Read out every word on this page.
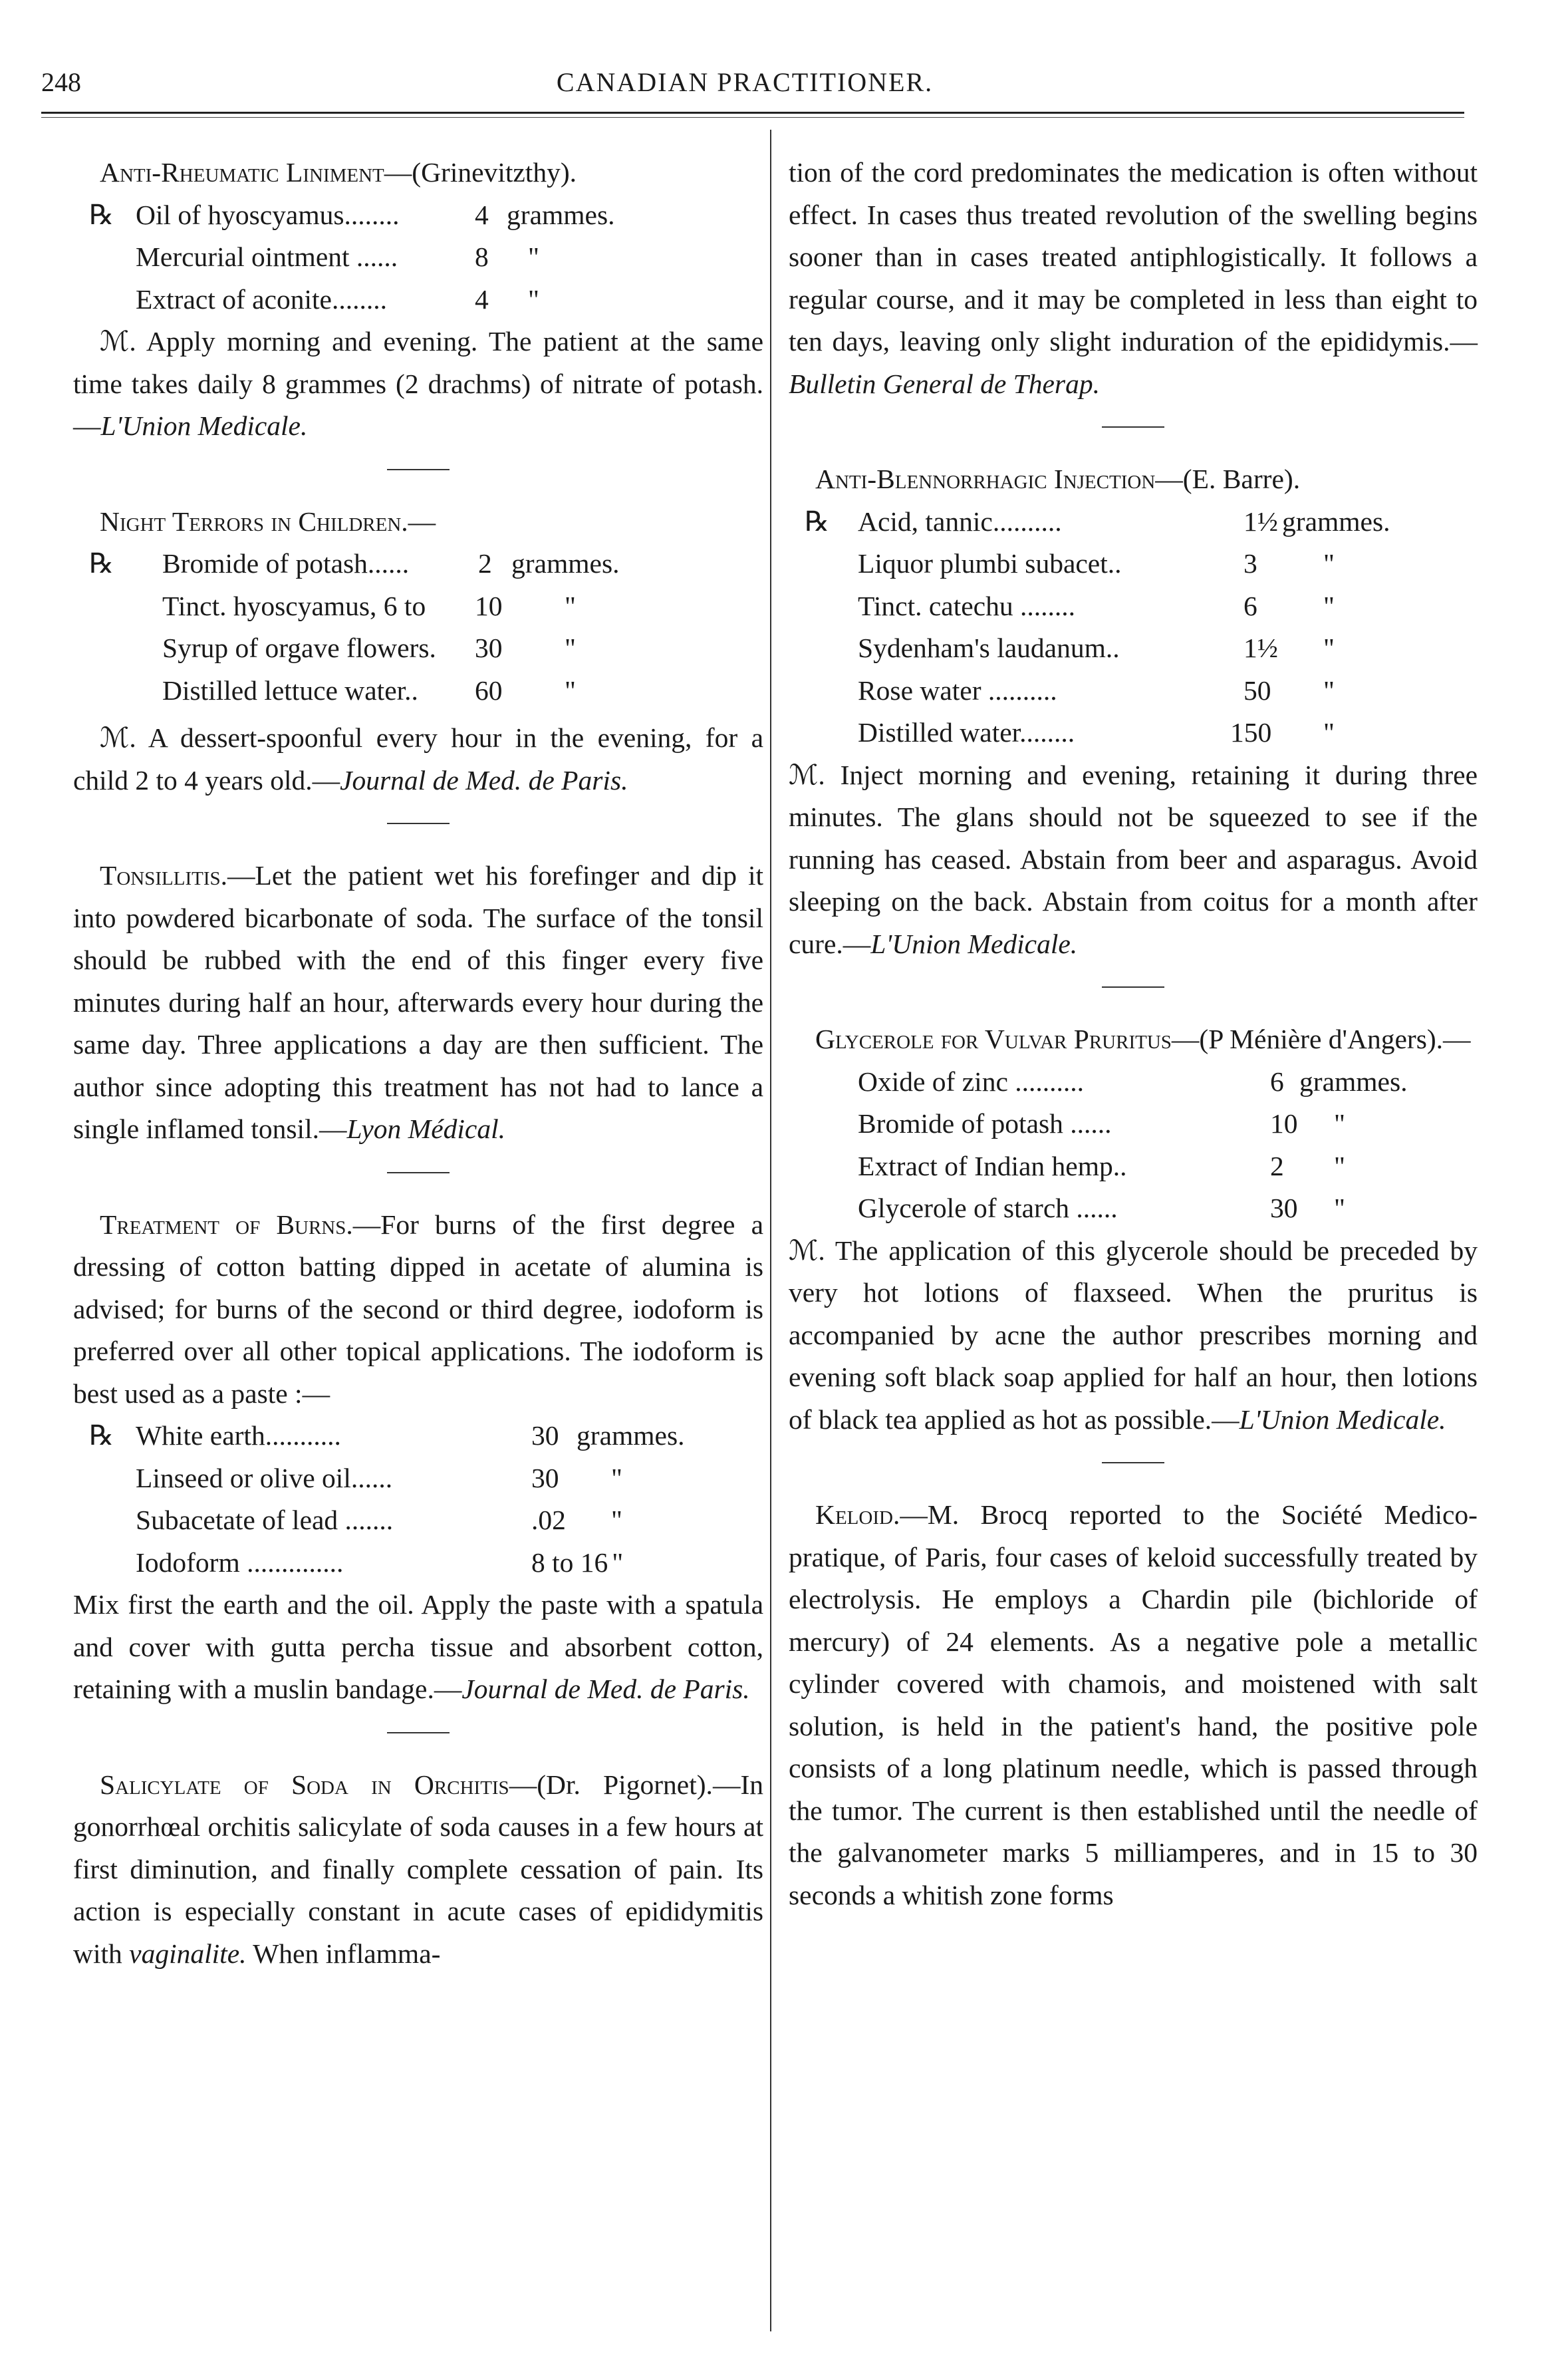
248	CANADIAN PRACTITIONER.

Anti-Rheumatic Liniment—(Grinevitzthy).

℞ Oil of hyoscyamus........	4 grammes.
Mercurial ointment ......	8	"
Extract of aconite........	4	"

ℳ. Apply morning and evening. The patient at the same time takes daily 8 grammes (2 drachms) of nitrate of potash.—L'Union Medicale.

Night Terrors in Children.—

℞	Bromide of potash......	2 grammes.
Tinct. hyoscyamus, 6 to	10	"
Syrup of orgave flowers.	30	"
Distilled lettuce water..	60	"

ℳ. A dessert-spoonful every hour in the evening, for a child 2 to 4 years old.—Journal de Med. de Paris.

Tonsillitis.—Let the patient wet his forefinger and dip it into powdered bicarbonate of soda. The surface of the tonsil should be rubbed with the end of this finger every five minutes during half an hour, afterwards every hour during the same day. Three applications a day are then sufficient. The author since adopting this treatment has not had to lance a single inflamed tonsil.—Lyon Médical.

Treatment of Burns.—For burns of the first degree a dressing of cotton batting dipped in acetate of alumina is advised; for burns of the second or third degree, iodoform is preferred over all other topical applications. The iodoform is best used as a paste :—

℞ White earth...........	30 grammes.
Linseed or olive oil......	30	"
Subacetate of lead .......	.02	"
Iodoform ..............	8 to 16 "

Mix first the earth and the oil. Apply the paste with a spatula and cover with gutta percha tissue and absorbent cotton, retaining with a muslin bandage.—Journal de Med. de Paris.

Salicylate of Soda in Orchitis—(Dr. Pigornet).—In gonorrhœal orchitis salicylate of soda causes in a few hours at first diminution, and finally complete cessation of pain. Its action is especially constant in acute cases of epididymitis with vaginalite. When inflamma-

tion of the cord predominates the medication is often without effect. In cases thus treated revolution of the swelling begins sooner than in cases treated antiphlogistically. It follows a regular course, and it may be completed in less than eight to ten days, leaving only slight induration of the epididymis.—Bulletin General de Therap.

Anti-Blennorrhagic Injection—(E. Barre).

℞	Acid, tannic..........	1½ grammes.
Liquor plumbi subacet..	3	"
Tinct. catechu ........	6	"
Sydenham's laudanum..	1½	"
Rose water ..........	50	"
Distilled water........	150	"

ℳ. Inject morning and evening, retaining it during three minutes. The glans should not be squeezed to see if the running has ceased. Abstain from beer and asparagus. Avoid sleeping on the back. Abstain from coitus for a month after cure.—L'Union Medicale.

Glycerole for Vulvar Pruritus—(P Ménière d'Angers).—

Oxide of zinc ..........	6 grammes.
Bromide of potash ......	10	"
Extract of Indian hemp..	2	"
Glycerole of starch ......	30	"

ℳ. The application of this glycerole should be preceded by very hot lotions of flaxseed. When the pruritus is accompanied by acne the author prescribes morning and evening soft black soap applied for half an hour, then lotions of black tea applied as hot as possible.—L'Union Medicale.

Keloid.—M. Brocq reported to the Société Medico-pratique, of Paris, four cases of keloid successfully treated by electrolysis. He employs a Chardin pile (bichloride of mercury) of 24 elements. As a negative pole a metallic cylinder covered with chamois, and moistened with salt solution, is held in the patient's hand, the positive pole consists of a long platinum needle, which is passed through the tumor. The current is then established until the needle of the galvanometer marks 5 milliamperes, and in 15 to 30 seconds a whitish zone forms
